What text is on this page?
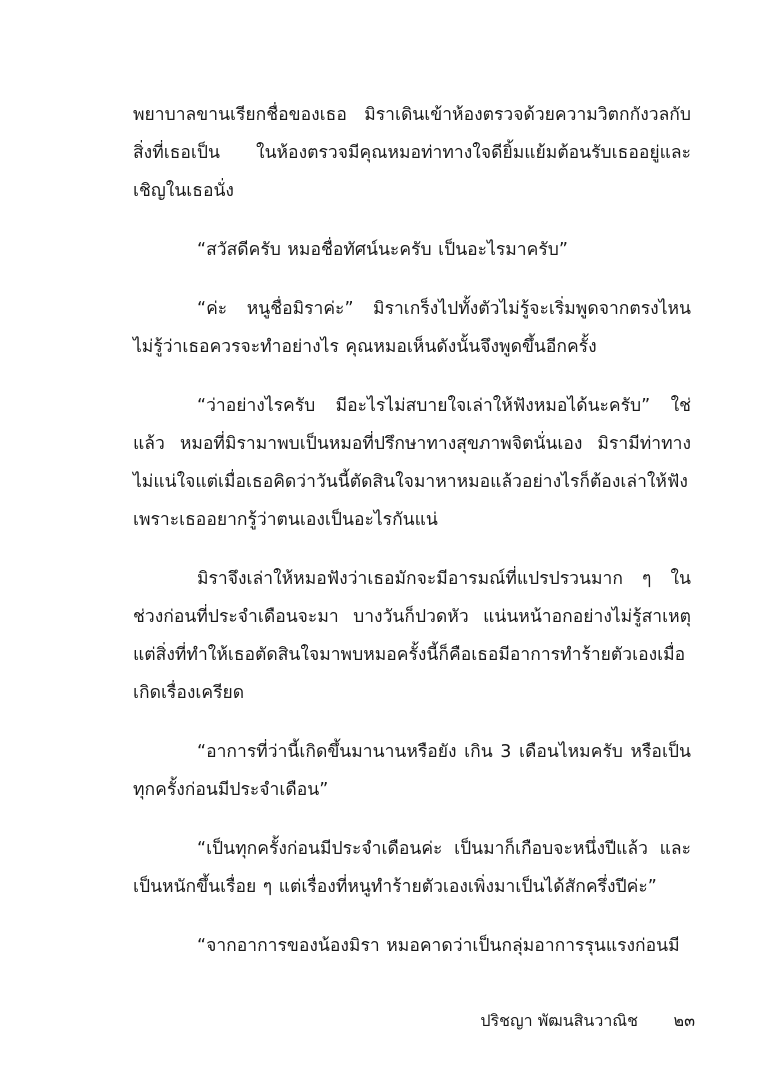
พยาบาลขานเรียกชื่อของเธอ มิราเดินเข้าห้องตรวจด้วยความวิตกกังวลกับสิ่งที่เธอเป็น ในห้องตรวจมีคุณหมอท่าทางใจดียิ้มแย้มต้อนรับเธออยู่และเชิญในเธอนั่ง

“สวัสดีครับ หมอชื่อทัศน์นะครับ เป็นอะไรมาครับ”

“ค่ะ หนูชื่อมิราค่ะ” มิราเกร็งไปทั้งตัวไม่รู้จะเริ่มพูดจากตรงไหน ไม่รู้ว่าเธอควรจะทำอย่างไร คุณหมอเห็นดังนั้นจึงพูดขึ้นอีกครั้ง

“ว่าอย่างไรครับ มีอะไรไม่สบายใจเล่าให้ฟังหมอได้นะครับ” ใช่แล้ว หมอที่มิรามาพบเป็นหมอที่ปรึกษาทางสุขภาพจิตนั่นเอง มิรามีท่าทางไม่แน่ใจแต่เมื่อเธอคิดว่าวันนี้ตัดสินใจมาหาหมอแล้วอย่างไรก็ต้องเล่าให้ฟังเพราะเธออยากรู้ว่าตนเองเป็นอะไรกันแน่

มิราจึงเล่าให้หมอฟังว่าเธอมักจะมีอารมณ์ที่แปรปรวนมาก ๆ ในช่วงก่อนที่ประจำเดือนจะมา บางวันก็ปวดหัว แน่นหน้าอกอย่างไม่รู้สาเหตุ แต่สิ่งที่ทำให้เธอตัดสินใจมาพบหมอครั้งนี้ก็คือเธอมีอาการทำร้ายตัวเองเมื่อเกิดเรื่องเครียด

“อาการที่ว่านี้เกิดขึ้นมานานหรือยัง เกิน 3 เดือนไหมครับ หรือเป็นทุกครั้งก่อนมีประจำเดือน”

“เป็นทุกครั้งก่อนมีประจำเดือนค่ะ เป็นมาก็เกือบจะหนึ่งปีแล้ว และเป็นหนักขึ้นเรื่อย ๆ แต่เรื่องที่หนูทำร้ายตัวเองเพิ่งมาเป็นได้สักครึ่งปีค่ะ”

“จากอาการของน้องมิรา หมอคาดว่าเป็นกลุ่มอาการรุนแรงก่อนมี

ปริชญา พัฒนสินวาณิช ๒๓
